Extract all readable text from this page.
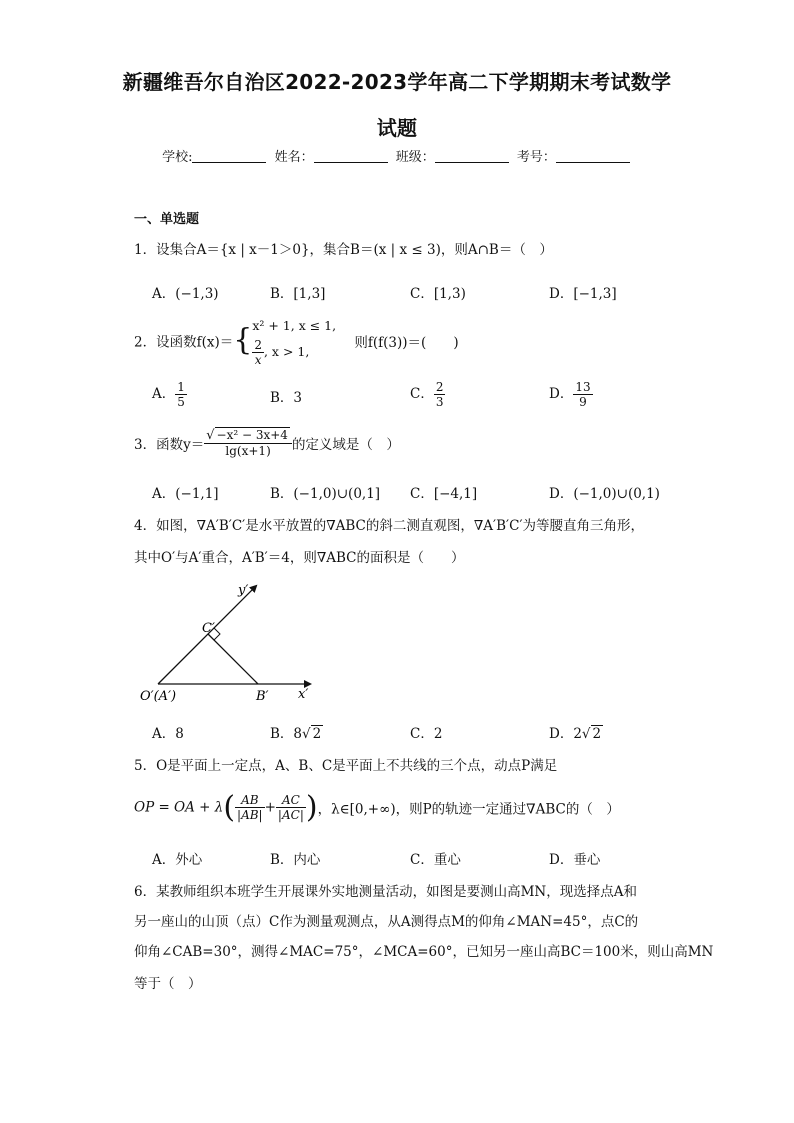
新疆维吾尔自治区2022-2023学年高二下学期期末考试数学
试题
学校:	姓名：	班级：	考号：
一、单选题
1．设集合A＝{x | x－1＞0}，集合B＝(x | x ≤ 3)，则A∩B＝（　）
A．(−1,3)	B．[1,3]	C．[1,3)	D．[−1,3]
2．设函数f(x)＝{ x² + 1, x ≤ 1,
$\frac{2}{x}$ , x > 1,
则f(f(3))＝(　　)
A． $\frac{1}{5}$	B．3	C． $\frac{2}{3}$	D． $\frac{13}{9}$
3．函数$y= \frac{\text{√ −x² − 3x+4}}{\lg(x+1)}$ 的定义域是（　）
A．(−1,1]	B．(−1,0)∪(0,1] C．[−4,1]	D．(−1,0)∪(0,1)
4．如图，∇A′B′C′是水平放置的∇ABC的斜二测直观图，∇A′B′C′为等腰直角三角形，
其中O′与A′重合，A′B′＝4，则∇ABC的面积是（　　）
y′
x′
C′
O′(A′)	B′
A．8	B．8√ 2	C．2	D．2√ 2
5．O是平面上一定点，A、B、C是平面上不共线的三个点，动点P满足
OP = OA + $\lambda( \frac{AB}{|AB|} + \frac{AC}{|AC|}$ )，λ∈[0,+∞)，则P的轨迹一定通过∇ABC的（　）
A．外心	B．内心	C．重心	D．垂心
6．某教师组织本班学生开展课外实地测量活动，如图是要测山高MN，现选择点A和
另一座山的山顶（点）C作为测量观测点，从A测得点M的仰角∠MAN=45°，点C的
仰角∠CAB=30°，测得∠MAC=75°，∠MCA=60°，已知另一座山高BC＝100米，则山高MN
等于（　）
